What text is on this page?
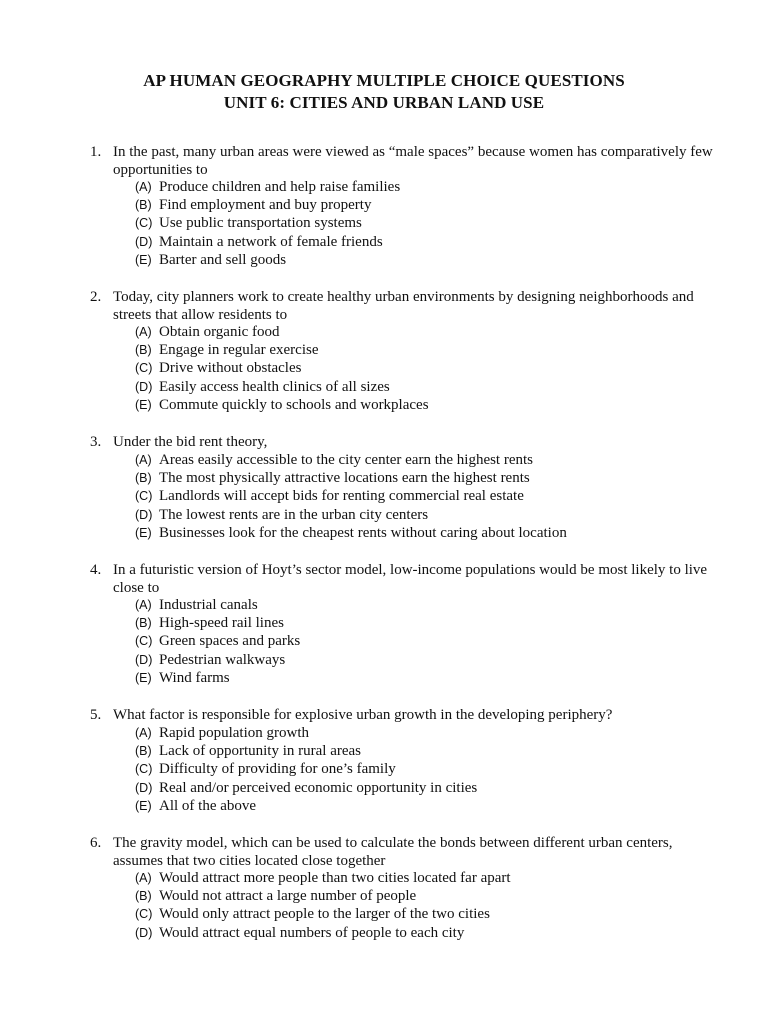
AP HUMAN GEOGRAPHY MULTIPLE CHOICE QUESTIONS
UNIT 6: CITIES AND URBAN LAND USE
1. In the past, many urban areas were viewed as “male spaces” because women has comparatively few opportunities to
(A) Produce children and help raise families
(B) Find employment and buy property
(C) Use public transportation systems
(D) Maintain a network of female friends
(E) Barter and sell goods
2. Today, city planners work to create healthy urban environments by designing neighborhoods and streets that allow residents to
(A) Obtain organic food
(B) Engage in regular exercise
(C) Drive without obstacles
(D) Easily access health clinics of all sizes
(E) Commute quickly to schools and workplaces
3. Under the bid rent theory,
(A) Areas easily accessible to the city center earn the highest rents
(B) The most physically attractive locations earn the highest rents
(C) Landlords will accept bids for renting commercial real estate
(D) The lowest rents are in the urban city centers
(E) Businesses look for the cheapest rents without caring about location
4. In a futuristic version of Hoyt’s sector model, low-income populations would be most likely to live close to
(A) Industrial canals
(B) High-speed rail lines
(C) Green spaces and parks
(D) Pedestrian walkways
(E) Wind farms
5. What factor is responsible for explosive urban growth in the developing periphery?
(A) Rapid population growth
(B) Lack of opportunity in rural areas
(C) Difficulty of providing for one’s family
(D) Real and/or perceived economic opportunity in cities
(E) All of the above
6. The gravity model, which can be used to calculate the bonds between different urban centers, assumes that two cities located close together
(A) Would attract more people than two cities located far apart
(B) Would not attract a large number of people
(C) Would only attract people to the larger of the two cities
(D) Would attract equal numbers of people to each city
